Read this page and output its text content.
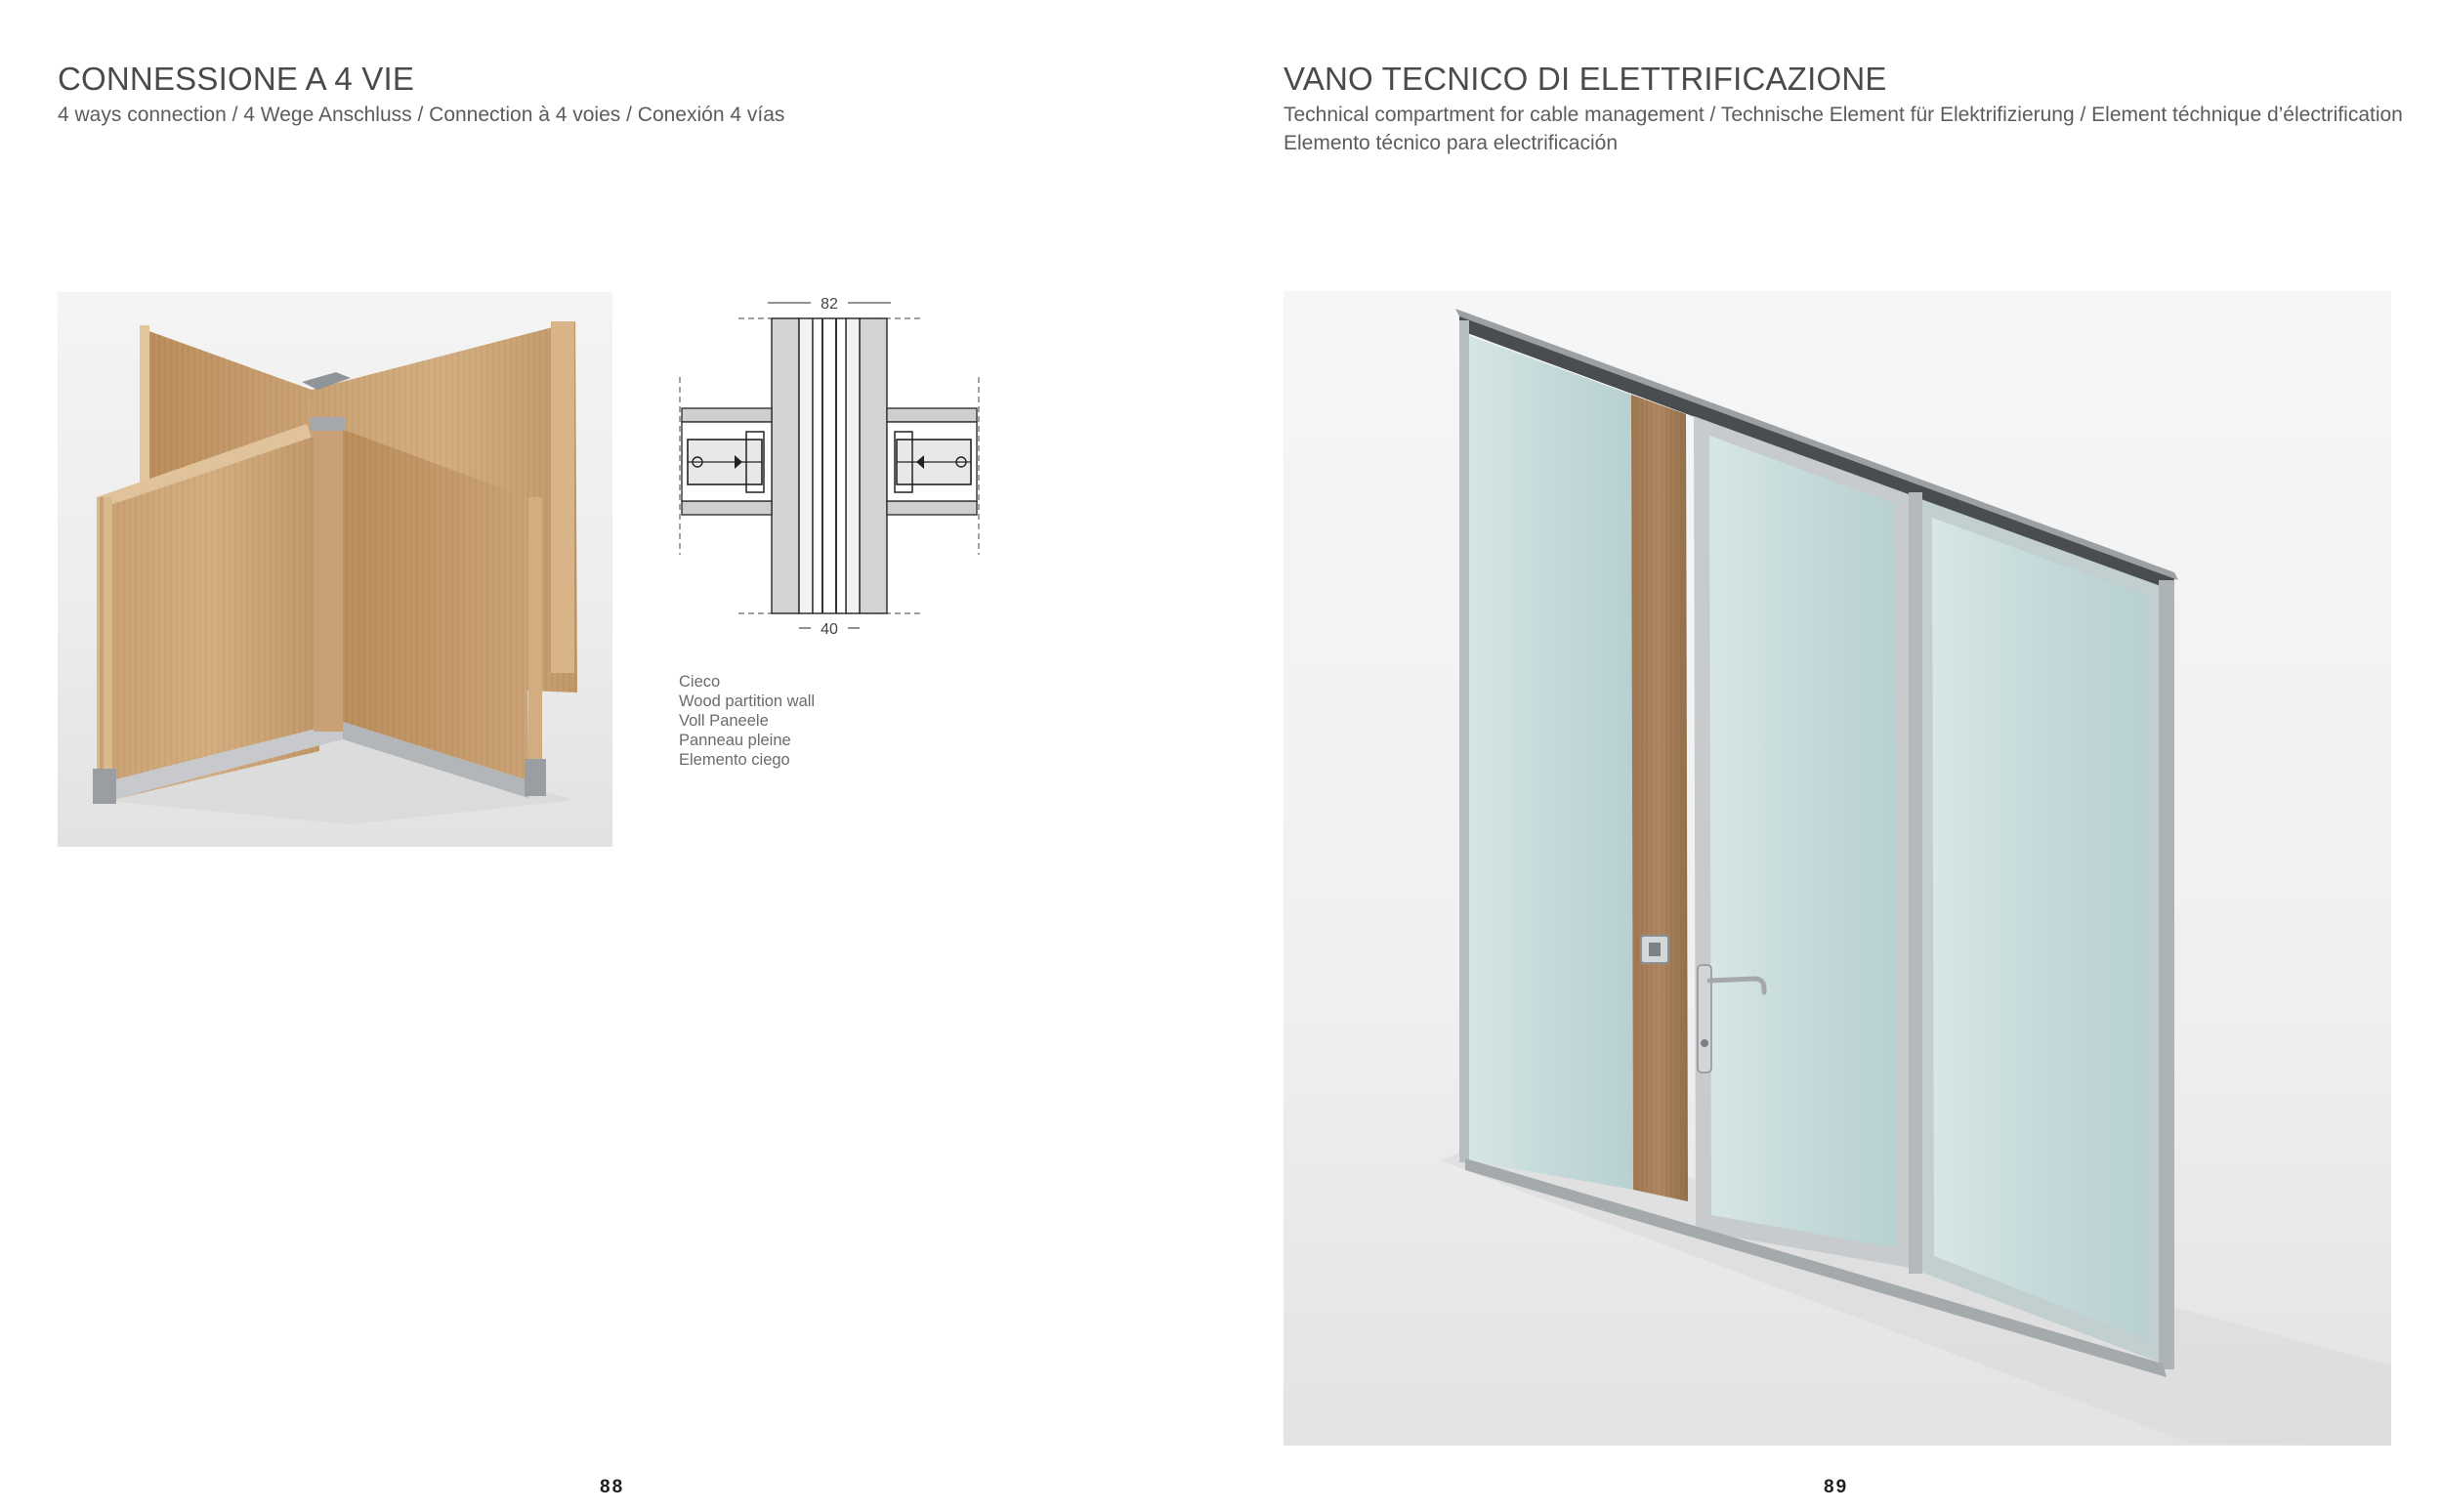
CONNESSIONE A 4 VIE
4 ways connection / 4 Wege Anschluss / Connection à 4 voies / Conexión 4 vías
82
40
Cieco
Wood partition wall
Voll Paneele
Panneau pleine
Elemento ciego
88
VANO TECNICO DI ELETTRIFICAZIONE
Technical compartment for cable management / Technische Element für Elektrifizierung / Element téchnique d’électrification
Elemento técnico para electrificación
89
